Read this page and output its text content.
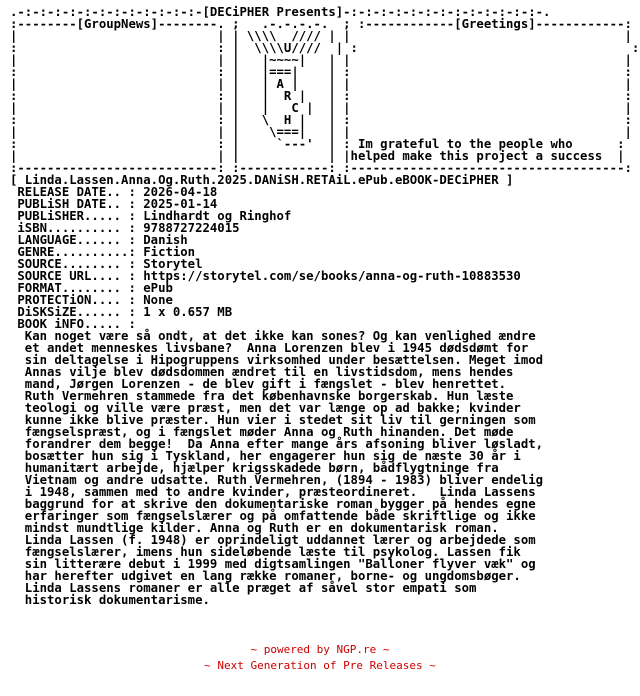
.-:-:-:-:-:-:-:-:-:-:-:-:-[DECiPHER Presents]-:-:-:-:-:-:-:-:-:-:-:-:-:-.
:--------[GroupNews]--------. ;   .-.-.-.-.  ; :------------[Greetings]------------:
|                           | | \\\\  //// | |                                     |
:                           : |  \\\\U////  | :                                     :
|                           | |   |~~~~|   | |                                     |
:                           : |   |===|    | :                                     :
|                           | |   | A |    | |                                     |
:                           : |   |  R |   | :                                     :
|                           | |   |   C |  | |                                     |
:                           : |   \  H |   | :                                     :
|                           | |    \===|   | |                                     |
:                           : |     `---'  | : Im grateful to the people who      :
|                           | |            | |helped make this project a success  |
:---------------------------: :------------: :-------------------------------------:
[ Linda.Lassen.Anna.Og.Ruth.2025.DANiSH.RETAiL.ePub.eBOOK-DECiPHER ]
RELEASE DATE.. : 2026-04-18
PUBLiSH DATE.. : 2025-01-14
PUBLiSHER..... : Lindhardt og Ringhof
iSBN.......... : 9788727224015
LANGUAGE...... : Danish
GENRE..........: Fiction
SOURCE........ : Storytel
SOURCE URL.... : https://storytel.com/se/books/anna-og-ruth-10883530
FORMAT........ : ePub
PROTECTiON.... : None
DiSKSiZE...... : 1 x 0.657 MB
BOOK iNFO..... :
Kan noget være så ondt, at det ikke kan sones? Og kan venlighed ændre
et andet menneskes livsbane?  Anna Lorenzen blev i 1945 dødsdømt for
sin deltagelse i Hipogruppens virksomhed under besættelsen. Meget imod
Annas vilje blev dødsdommen ændret til en livstidsdom, mens hendes
mand, Jørgen Lorenzen - de blev gift i fængslet - blev henrettet.
Ruth Vermehren stammede fra det københavnske borgerskab. Hun læste
teologi og ville være præst, men det var længe op ad bakke; kvinder
kunne ikke blive præster. Hun vier i stedet sit liv til gerningen som
fængselspræst, og i fængslet møder Anna og Ruth hinanden. Det møde
forandrer dem begge!  Da Anna efter mange års afsoning bliver løsladt,
bosætter hun sig i Tyskland, her engagerer hun sig de næste 30 år i
humanitært arbejde, hjælper krigsskadede børn, bådflygtninge fra
Vietnam og andre udsatte. Ruth Vermehren, (1894 - 1983) bliver endelig
i 1948, sammen med to andre kvinder, præsteordineret.   Linda Lassens
baggrund for at skrive den dokumentariske roman bygger på hendes egne
erfaringer som fængselslærer og på omfattende både skriftlige og ikke
mindst mundtlige kilder. Anna og Ruth er en dokumentarisk roman.
Linda Lassen (f. 1948) er oprindeligt uddannet lærer og arbejdede som
fængselslærer, imens hun sideløbende læste til psykolog. Lassen fik
sin litterære debut i 1999 med digtsamlingen "Balloner flyver væk" og
har herefter udgivet en lang række romaner, borne- og ungdomsbøger.
Linda Lassens romaner er alle præget af såvel stor empati som
historisk dokumentarisme.
~ powered by NGP.re ~
~ Next Generation of Pre Releases ~
